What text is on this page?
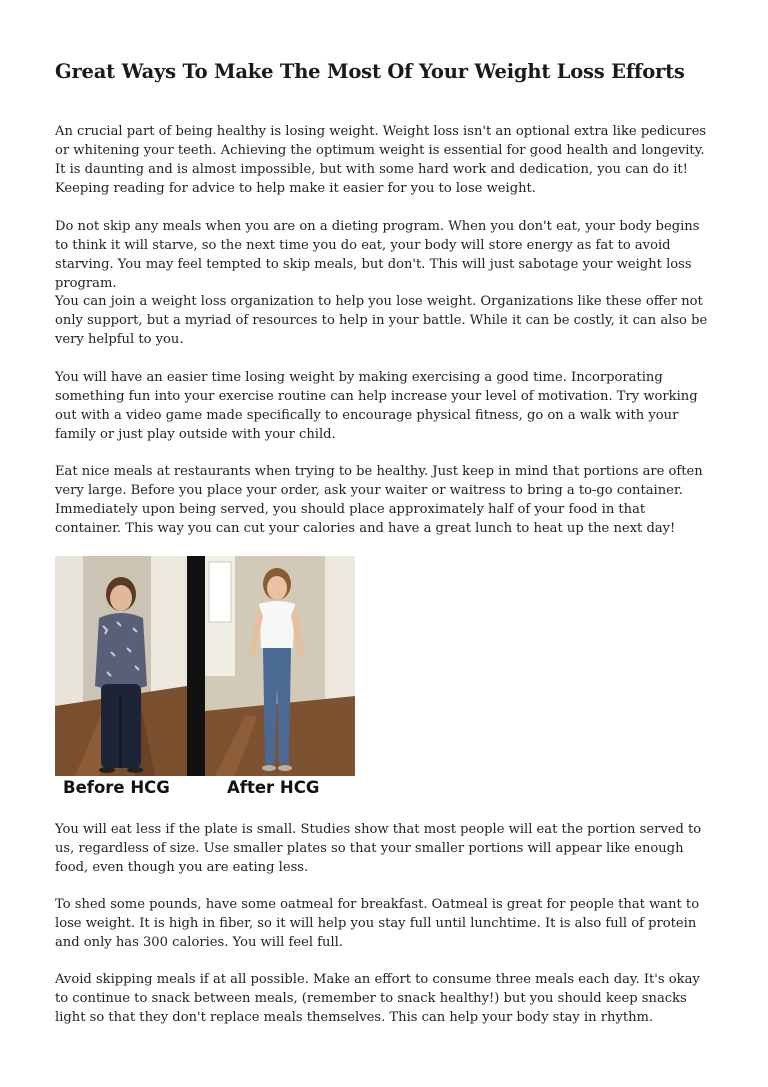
Great Ways To Make The Most Of Your Weight Loss Efforts

An crucial part of being healthy is losing weight. Weight loss isn't an optional extra like pedicures or whitening your teeth. Achieving the optimum weight is essential for good health and longevity. It is daunting and is almost impossible, but with some hard work and dedication, you can do it! Keeping reading for advice to help make it easier for you to lose weight.

Do not skip any meals when you are on a dieting program. When you don't eat, your body begins to think it will starve, so the next time you do eat, your body will store energy as fat to avoid starving. You may feel tempted to skip meals, but don't. This will just sabotage your weight loss program.

You can join a weight loss organization to help you lose weight. Organizations like these offer not only support, but a myriad of resources to help in your battle. While it can be costly, it can also be very helpful to you.

You will have an easier time losing weight by making exercising a good time. Incorporating something fun into your exercise routine can help increase your level of motivation. Try working out with a video game made specifically to encourage physical fitness, go on a walk with your family or just play outside with your child.

Eat nice meals at restaurants when trying to be healthy. Just keep in mind that portions are often very large. Before you place your order, ask your waiter or waitress to bring a to-go container. Immediately upon being served, you should place approximately half of your food in that container. This way you can cut your calories and have a great lunch to heat up the next day!

Before HCG	After HCG

You will eat less if the plate is small. Studies show that most people will eat the portion served to us, regardless of size. Use smaller plates so that your smaller portions will appear like enough food, even though you are eating less.

To shed some pounds, have some oatmeal for breakfast. Oatmeal is great for people that want to lose weight. It is high in fiber, so it will help you stay full until lunchtime. It is also full of protein and only has 300 calories. You will feel full.

Avoid skipping meals if at all possible. Make an effort to consume three meals each day. It's okay to continue to snack between meals, (remember to snack healthy!) but you should keep snacks light so that they don't replace meals themselves. This can help your body stay in rhythm.
